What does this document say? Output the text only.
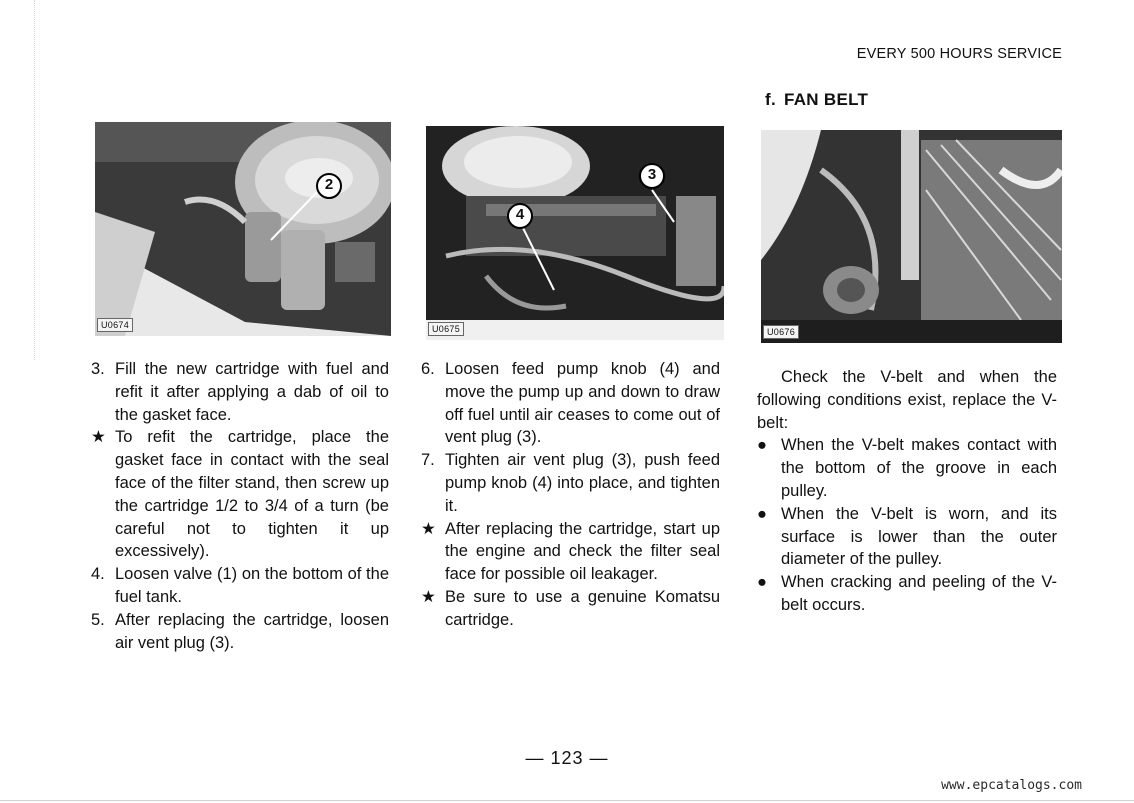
EVERY 500 HOURS SERVICE
f. FAN BELT
2
U0674
4
3
U0675	U0676
3. Fill the new cartridge with fuel and refit it after applying a dab of oil to the gasket face.
★ To refit the cartridge, place the gasket face in contact with the seal face of the filter stand, then screw up the cartridge 1/2 to 3/4 of a turn (be careful not to tighten it up excessively).
4. Loosen valve (1) on the bottom of the fuel tank.
5. After replacing the cartridge, loosen air vent plug (3).
6. Loosen feed pump knob (4) and move the pump up and down to draw off fuel until air ceases to come out of vent plug (3).
7. Tighten air vent plug (3), push feed pump knob (4) into place, and tighten it.
★ After replacing the cartridge, start up the engine and check the filter seal face for possible oil leakager.
★ Be sure to use a genuine Komatsu cartridge.
Check the V-belt and when the following conditions exist, replace the V-belt:
● When the V-belt makes contact with the bottom of the groove in each pulley.
● When the V-belt is worn, and its surface is lower than the outer diameter of the pulley.
● When cracking and peeling of the V-belt occurs.
— 123 —
www.epcatalogs.com
